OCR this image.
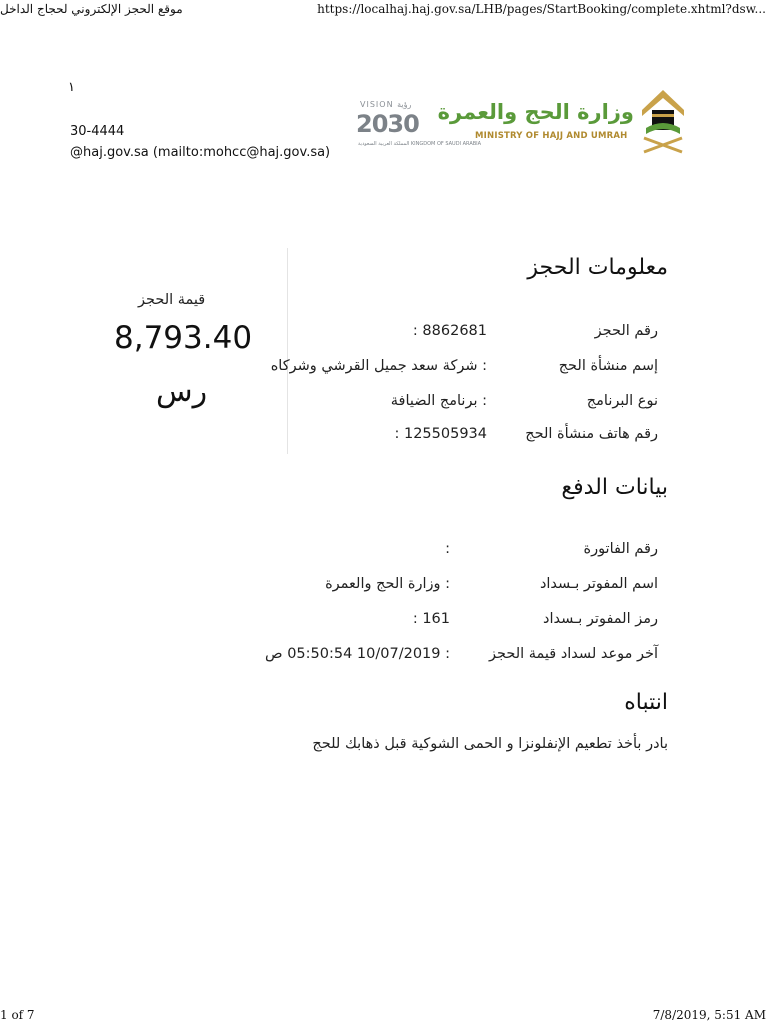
موقع الحجز الإلكتروني لحجاج الداخل	https://localhaj.haj.gov.sa/LHB/pages/StartBooking/complete.xhtml?dsw...
١
30-4444
@haj.gov.sa (mailto:mohcc@haj.gov.sa)
VISION رؤية
2030
المملكة العربية السعودية KINGDOM OF SAUDI ARABIA
وزارة الحج والعمرة
MINISTRY OF HAJJ AND UMRAH
معلومات الحجز
رقم الحجز
: 8862681
إسم منشأة الحج
: شركة سعد جميل القرشي وشركاه
نوع البرنامج
: برنامج الضيافة
رقم هاتف منشأة الحج
: 125505934
قيمة الحجز
8,793.40
رس
بيانات الدفع
رقم الفاتورة
:
اسم المفوتر بـسداد
: وزارة الحج والعمرة
رمز المفوتر بـسداد
: 161
آخر موعد لسداد قيمة الحجز
: 10/07/2019 05:50:54 ص
انتباه
بادر بأخذ تطعيم الإنفلونزا و الحمى الشوكية قبل ذهابك للحج
1 of 7	7/8/2019, 5:51 AM
